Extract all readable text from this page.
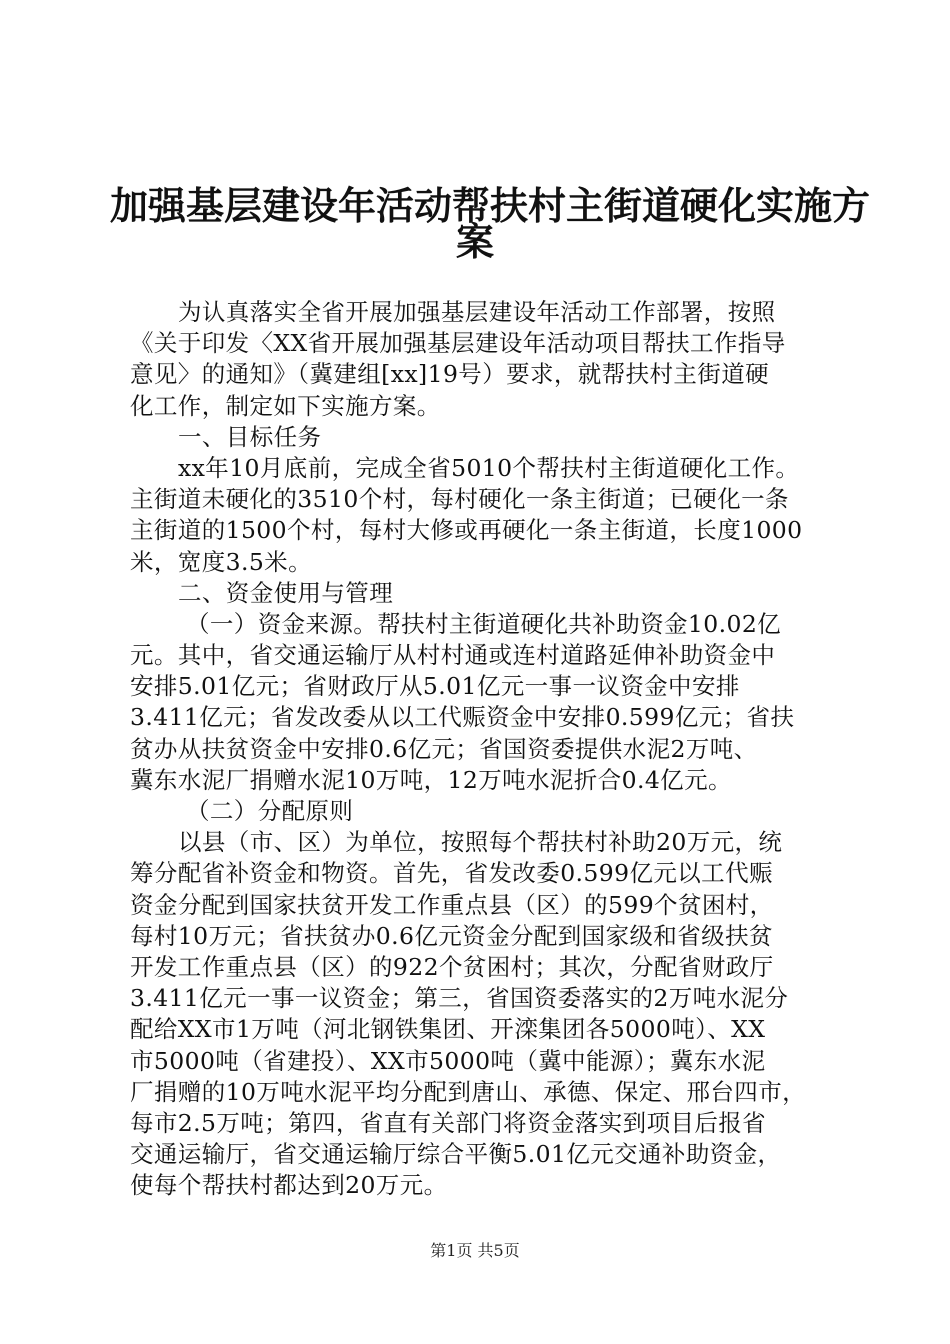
加强基层建设年活动帮扶村主街道硬化实施方
案
为认真落实全省开展加强基层建设年活动工作部署，按照
《关于印发〈XX省开展加强基层建设年活动项目帮扶工作指导
意见〉的通知》（冀建组[xx]19号）要求，就帮扶村主街道硬
化工作，制定如下实施方案。
一、目标任务
xx年10月底前，完成全省5010个帮扶村主街道硬化工作。
主街道未硬化的3510个村，每村硬化一条主街道；已硬化一条
主街道的1500个村，每村大修或再硬化一条主街道，长度1000
米，宽度3.5米。
二、资金使用与管理
（一）资金来源。帮扶村主街道硬化共补助资金10.02亿
元。其中，省交通运输厅从村村通或连村道路延伸补助资金中
安排5.01亿元；省财政厅从5.01亿元一事一议资金中安排
3.411亿元；省发改委从以工代赈资金中安排0.599亿元；省扶
贫办从扶贫资金中安排0.6亿元；省国资委提供水泥2万吨、
冀东水泥厂捐赠水泥10万吨，12万吨水泥折合0.4亿元。
（二）分配原则
以县（市、区）为单位，按照每个帮扶村补助20万元，统
筹分配省补资金和物资。首先，省发改委0.599亿元以工代赈
资金分配到国家扶贫开发工作重点县（区）的599个贫困村，
每村10万元；省扶贫办0.6亿元资金分配到国家级和省级扶贫
开发工作重点县（区）的922个贫困村；其次，分配省财政厅
3.411亿元一事一议资金；第三，省国资委落实的2万吨水泥分
配给XX市1万吨（河北钢铁集团、开滦集团各5000吨）、XX
市5000吨（省建投）、XX市5000吨（冀中能源）；冀东水泥
厂捐赠的10万吨水泥平均分配到唐山、承德、保定、邢台四市，
每市2.5万吨；第四，省直有关部门将资金落实到项目后报省
交通运输厅，省交通运输厅综合平衡5.01亿元交通补助资金，
使每个帮扶村都达到20万元。
第1页 共5页
